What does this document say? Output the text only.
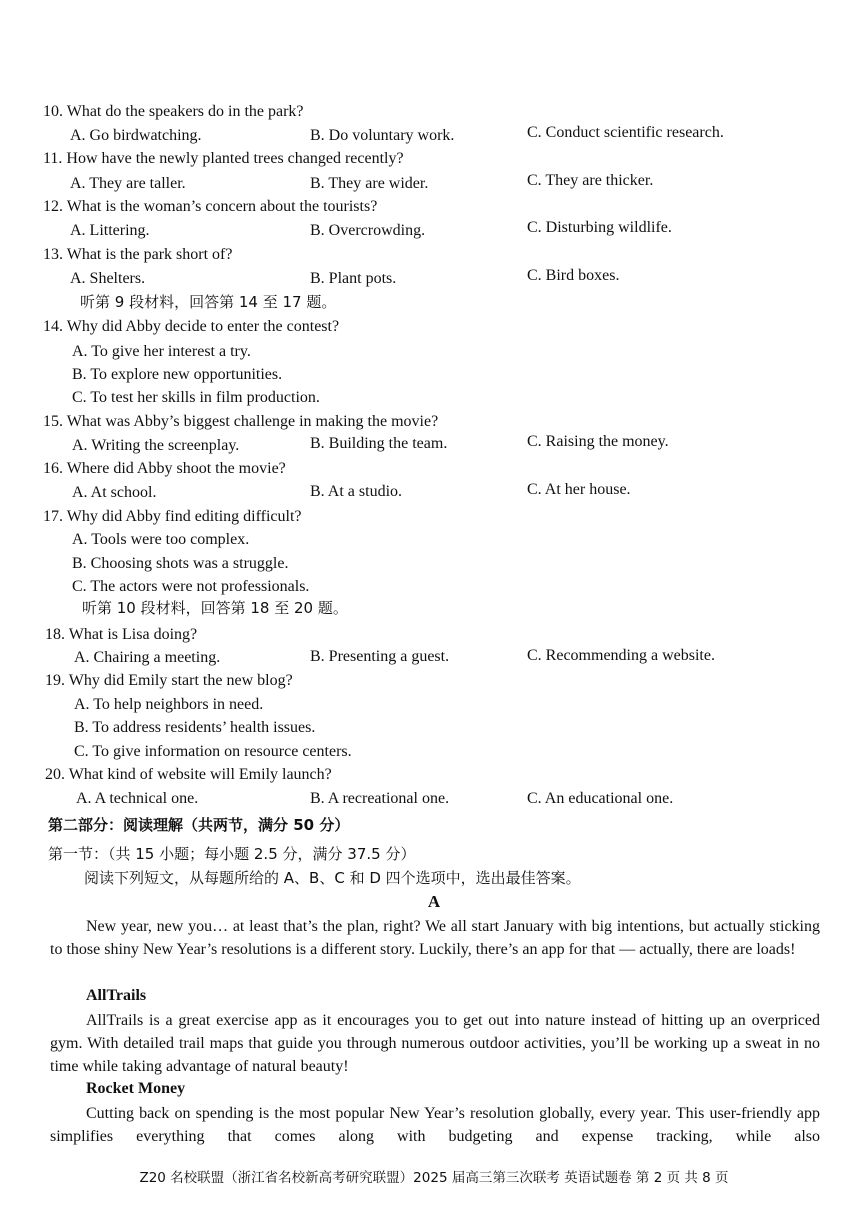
10. What do the speakers do in the park?
A. Go birdwatching.	B. Do voluntary work.	C. Conduct scientific research.
11. How have the newly planted trees changed recently?
A. They are taller.	B. They are wider.	C. They are thicker.
12. What is the woman’s concern about the tourists?
A. Littering.	B. Overcrowding.	C. Disturbing wildlife.
13. What is the park short of?
A. Shelters.	B. Plant pots.	C. Bird boxes.
听第 9 段材料，回答第 14 至 17 题。
14. Why did Abby decide to enter the contest?
A. To give her interest a try.
B. To explore new opportunities.
C. To test her skills in film production.
15. What was Abby’s biggest challenge in making the movie?
A. Writing the screenplay.	B. Building the team.	C. Raising the money.
16. Where did Abby shoot the movie?
A. At school.	B. At a studio.	C. At her house.
17. Why did Abby find editing difficult?
A. Tools were too complex.
B. Choosing shots was a struggle.
C. The actors were not professionals.
听第 10 段材料，回答第 18 至 20 题。
18. What is Lisa doing?
A. Chairing a meeting.	B. Presenting a guest.	C. Recommending a website.
19. Why did Emily start the new blog?
A. To help neighbors in need.
B. To address residents’ health issues.
C. To give information on resource centers.
20. What kind of website will Emily launch?
A. A technical one.	B. A recreational one.	C. An educational one.
第二部分：阅读理解（共两节，满分 50 分）
第一节：（共 15 小题；每小题 2.5 分，满分 37.5 分）
阅读下列短文，从每题所给的 A、B、C 和 D 四个选项中，选出最佳答案。
A
New year, new you… at least that’s the plan, right? We all start January with big intentions, but actually sticking to those shiny New Year’s resolutions is a different story. Luckily, there’s an app for that — actually, there are loads!
AllTrails
AllTrails is a great exercise app as it encourages you to get out into nature instead of hitting up an overpriced gym. With detailed trail maps that guide you through numerous outdoor activities, you’ll be working up a sweat in no time while taking advantage of natural beauty!
Rocket Money
Cutting back on spending is the most popular New Year’s resolution globally, every year. This user-friendly app simplifies everything that comes along with budgeting and expense tracking, while also
Z20 名校联盟（浙江省名校新高考研究联盟）2025 届高三第三次联考 英语试题卷 第 2 页 共 8 页
